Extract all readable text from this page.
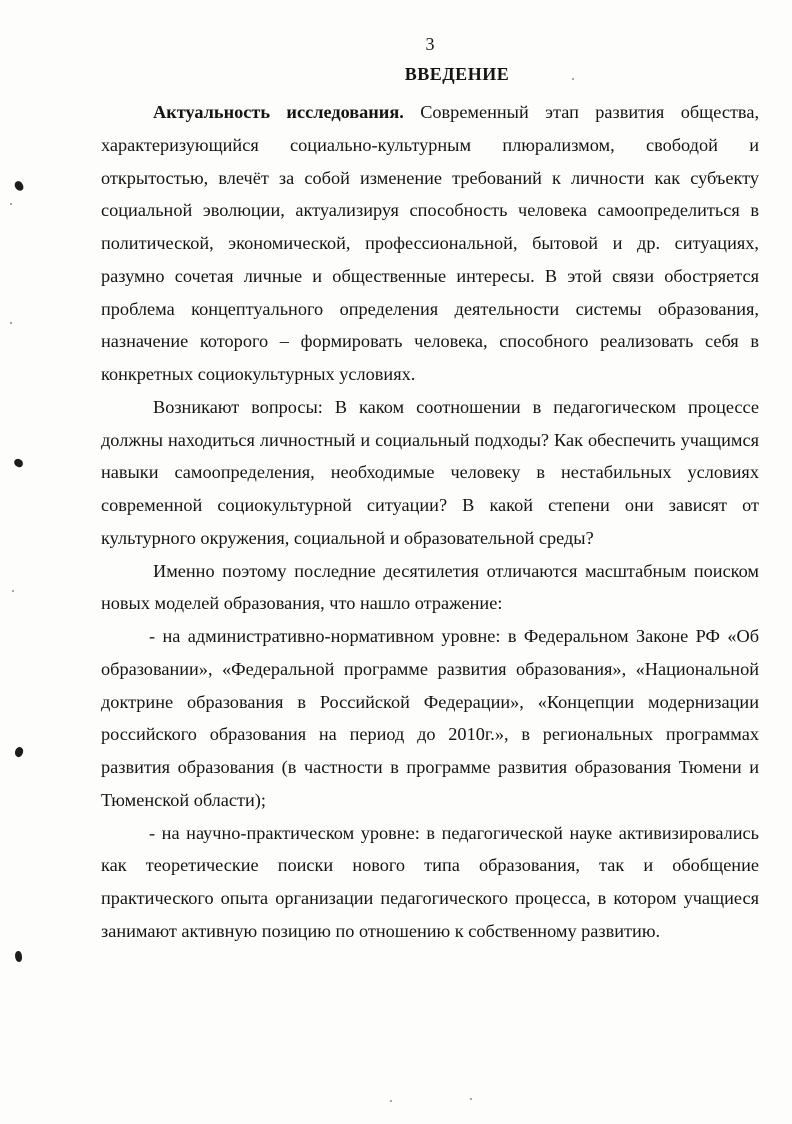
3
ВВЕДЕНИЕ

Актуальность исследования. Современный этап развития общества, характеризующийся социально-культурным плюрализмом, свободой и открытостью, влечёт за собой изменение требований к личности как субъекту социальной эволюции, актуализируя способность человека самоопределиться в политической, экономической, профессиональной, бытовой и др. ситуациях, разумно сочетая личные и общественные интересы. В этой связи обостряется проблема концептуального определения деятельности системы образования, назначение которого – формировать человека, способного реализовать себя в конкретных социокультурных условиях.

Возникают вопросы: В каком соотношении в педагогическом процессе должны находиться личностный и социальный подходы? Как обеспечить учащимся навыки самоопределения, необходимые человеку в нестабильных условиях современной социокультурной ситуации? В какой степени они зависят от культурного окружения, социальной и образовательной среды?

Именно поэтому последние десятилетия отличаются масштабным поиском новых моделей образования, что нашло отражение:

- на административно-нормативном уровне: в Федеральном Законе РФ «Об образовании», «Федеральной программе развития образования», «Национальной доктрине образования в Российской Федерации», «Концепции модернизации российского образования на период до 2010г.», в региональных программах развития образования (в частности в программе развития образования Тюмени и Тюменской области);

- на научно-практическом уровне: в педагогической науке активизировались как теоретические поиски нового типа образования, так и обобщение практического опыта организации педагогического процесса, в котором учащиеся занимают активную позицию по отношению к собственному развитию.
